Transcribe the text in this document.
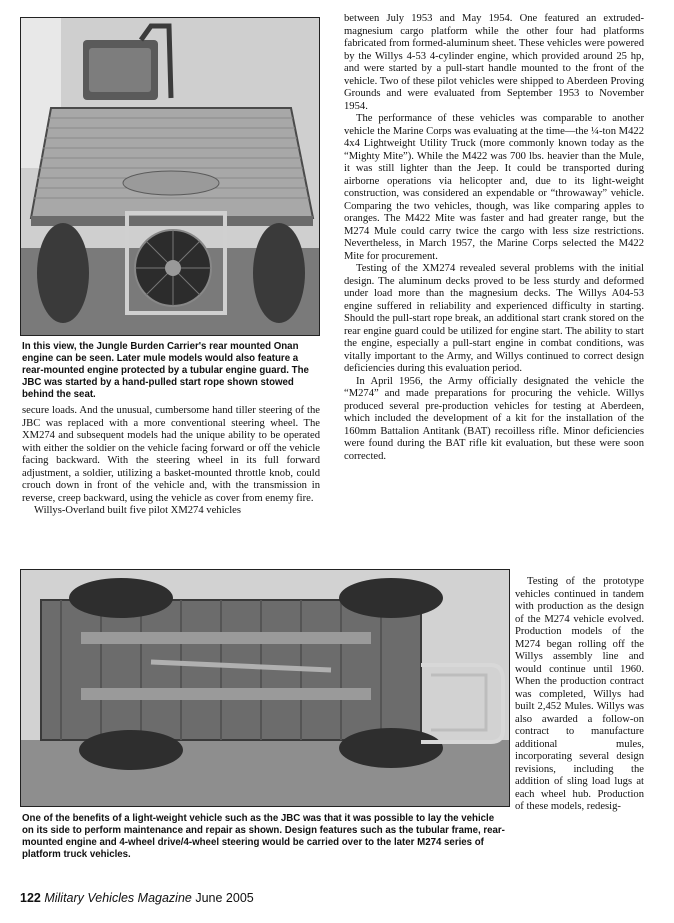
In this view, the Jungle Burden Carrier's rear mounted Onan engine can be seen. Later mule models would also feature a rear-mounted engine protected by a tubular engine guard. The JBC was started by a hand-pulled start rope shown stowed behind the seat.

secure loads. And the unusual, cumbersome hand tiller steering of the JBC was replaced with a more conventional steering wheel. The XM274 and subsequent models had the unique ability to be operated with either the soldier on the vehicle facing forward or off the vehicle facing backward. With the steering wheel in its full forward adjustment, a soldier, utilizing a basket-mounted throttle knob, could crouch down in front of the vehicle and, with the transmission in reverse, creep backward, using the vehicle as cover from enemy fire.

Willys-Overland built five pilot XM274 vehicles

between July 1953 and May 1954. One featured an extruded-magnesium cargo platform while the other four had platforms fabricated from formed-aluminum sheet. These vehicles were powered by the Willys 4-53 4-cylinder engine, which provided around 25 hp, and were started by a pull-start handle mounted to the front of the vehicle. Two of these pilot vehicles were shipped to Aberdeen Proving Grounds and were evaluated from September 1953 to November 1954.

The performance of these vehicles was comparable to another vehicle the Marine Corps was evaluating at the time—the ¼-ton M422 4x4 Lightweight Utility Truck (more commonly known today as the “Mighty Mite”). While the M422 was 700 lbs. heavier than the Mule, it was still lighter than the Jeep. It could be transported during airborne operations via helicopter and, due to its light-weight construction, was considered an expendable or “throwaway” vehicle. Comparing the two vehicles, though, was like comparing apples to oranges. The M422 Mite was faster and had greater range, but the M274 Mule could carry twice the cargo with less size restrictions. Nevertheless, in March 1957, the Marine Corps selected the M422 Mite for procurement.

Testing of the XM274 revealed several problems with the initial design. The aluminum decks proved to be less sturdy and deformed under load more than the magnesium decks. The Willys A04-53 engine suffered in reliability and experienced difficulty in starting. Should the pull-start rope break, an additional start crank stored on the rear engine guard could be utilized for engine start. The ability to start the engine, especially a pull-start engine in combat conditions, was vitally important to the Army, and Willys continued to correct design deficiencies during this evaluation period.

In April 1956, the Army officially designated the vehicle the “M274” and made preparations for procuring the vehicle. Willys produced several pre-production vehicles for testing at Aberdeen, which included the development of a kit for the installation of the 160mm Battalion Antitank (BAT) recoilless rifle. Minor deficiencies were found during the BAT rifle kit evaluation, but these were soon corrected.

Testing of the prototype vehicles continued in tandem with production as the design of the M274 vehicle evolved. Production models of the M274 began rolling off the Willys assembly line and would continue until 1960. When the production contract was completed, Willys had built 2,452 Mules. Willys was also awarded a follow-on contract to manufacture additional mules, incorporating several design revisions, including the addition of sling load lugs at each wheel hub. Production of these models, redesig-

One of the benefits of a light-weight vehicle such as the JBC was that it was possible to lay the vehicle on its side to perform maintenance and repair as shown. Design features such as the tubular frame, rear-mounted engine and 4-wheel drive/4-wheel steering would be carried over to the later M274 series of platform truck vehicles.
122 Military Vehicles Magazine June 2005
